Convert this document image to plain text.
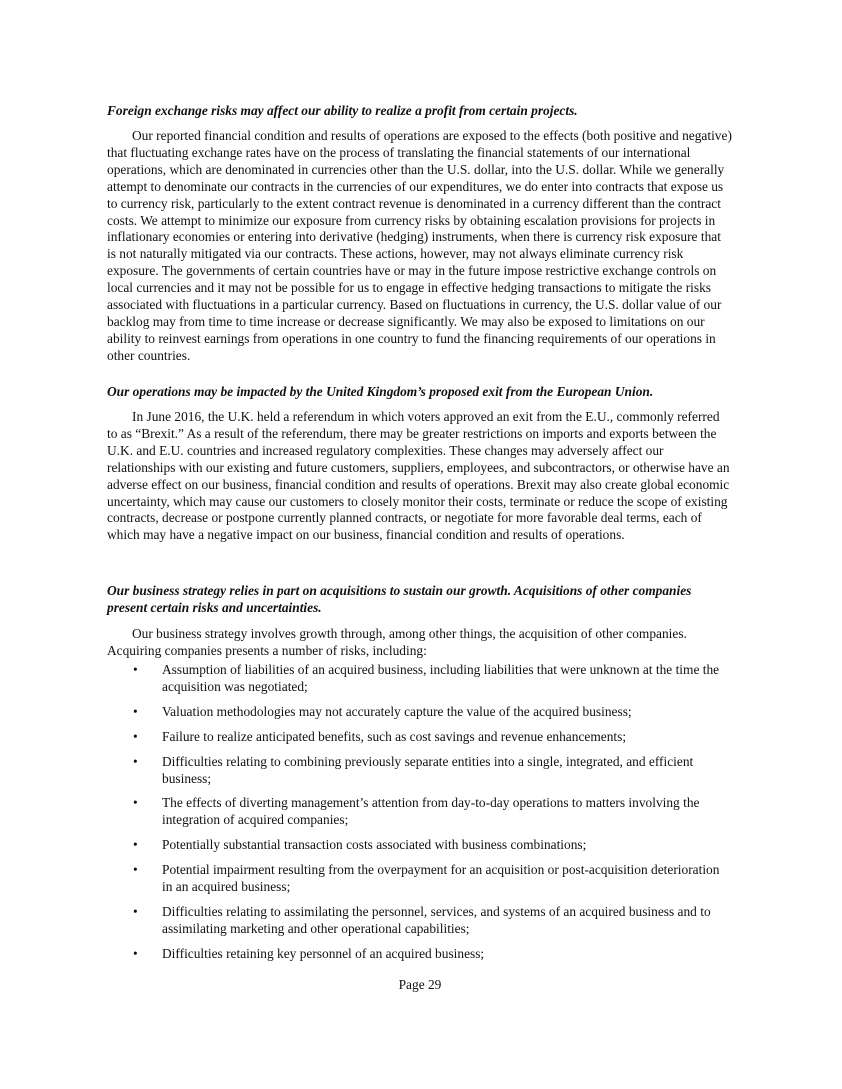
Foreign exchange risks may affect our ability to realize a profit from certain projects.

Our reported financial condition and results of operations are exposed to the effects (both positive and negative) that fluctuating exchange rates have on the process of translating the financial statements of our international operations, which are denominated in currencies other than the U.S. dollar, into the U.S. dollar. While we generally attempt to denominate our contracts in the currencies of our expenditures, we do enter into contracts that expose us to currency risk, particularly to the extent contract revenue is denominated in a currency different than the contract costs. We attempt to minimize our exposure from currency risks by obtaining escalation provisions for projects in inflationary economies or entering into derivative (hedging) instruments, when there is currency risk exposure that is not naturally mitigated via our contracts. These actions, however, may not always eliminate currency risk exposure. The governments of certain countries have or may in the future impose restrictive exchange controls on local currencies and it may not be possible for us to engage in effective hedging transactions to mitigate the risks associated with fluctuations in a particular currency. Based on fluctuations in currency, the U.S. dollar value of our backlog may from time to time increase or decrease significantly. We may also be exposed to limitations on our ability to reinvest earnings from operations in one country to fund the financing requirements of our operations in other countries.

Our operations may be impacted by the United Kingdom’s proposed exit from the European Union.

In June 2016, the U.K. held a referendum in which voters approved an exit from the E.U., commonly referred to as “Brexit.” As a result of the referendum, there may be greater restrictions on imports and exports between the U.K. and E.U. countries and increased regulatory complexities. These changes may adversely affect our relationships with our existing and future customers, suppliers, employees, and subcontractors, or otherwise have an adverse effect on our business, financial condition and results of operations. Brexit may also create global economic uncertainty, which may cause our customers to closely monitor their costs, terminate or reduce the scope of existing contracts, decrease or postpone currently planned contracts, or negotiate for more favorable deal terms, each of which may have a negative impact on our business, financial condition and results of operations.

Our business strategy relies in part on acquisitions to sustain our growth. Acquisitions of other companies present certain risks and uncertainties.

Our business strategy involves growth through, among other things, the acquisition of other companies. Acquiring companies presents a number of risks, including:

• Assumption of liabilities of an acquired business, including liabilities that were unknown at the time the acquisition was negotiated;
• Valuation methodologies may not accurately capture the value of the acquired business;
• Failure to realize anticipated benefits, such as cost savings and revenue enhancements;
• Difficulties relating to combining previously separate entities into a single, integrated, and efficient business;
• The effects of diverting management’s attention from day-to-day operations to matters involving the integration of acquired companies;
• Potentially substantial transaction costs associated with business combinations;
• Potential impairment resulting from the overpayment for an acquisition or post-acquisition deterioration in an acquired business;
• Difficulties relating to assimilating the personnel, services, and systems of an acquired business and to assimilating marketing and other operational capabilities;
• Difficulties retaining key personnel of an acquired business;

Page 29
